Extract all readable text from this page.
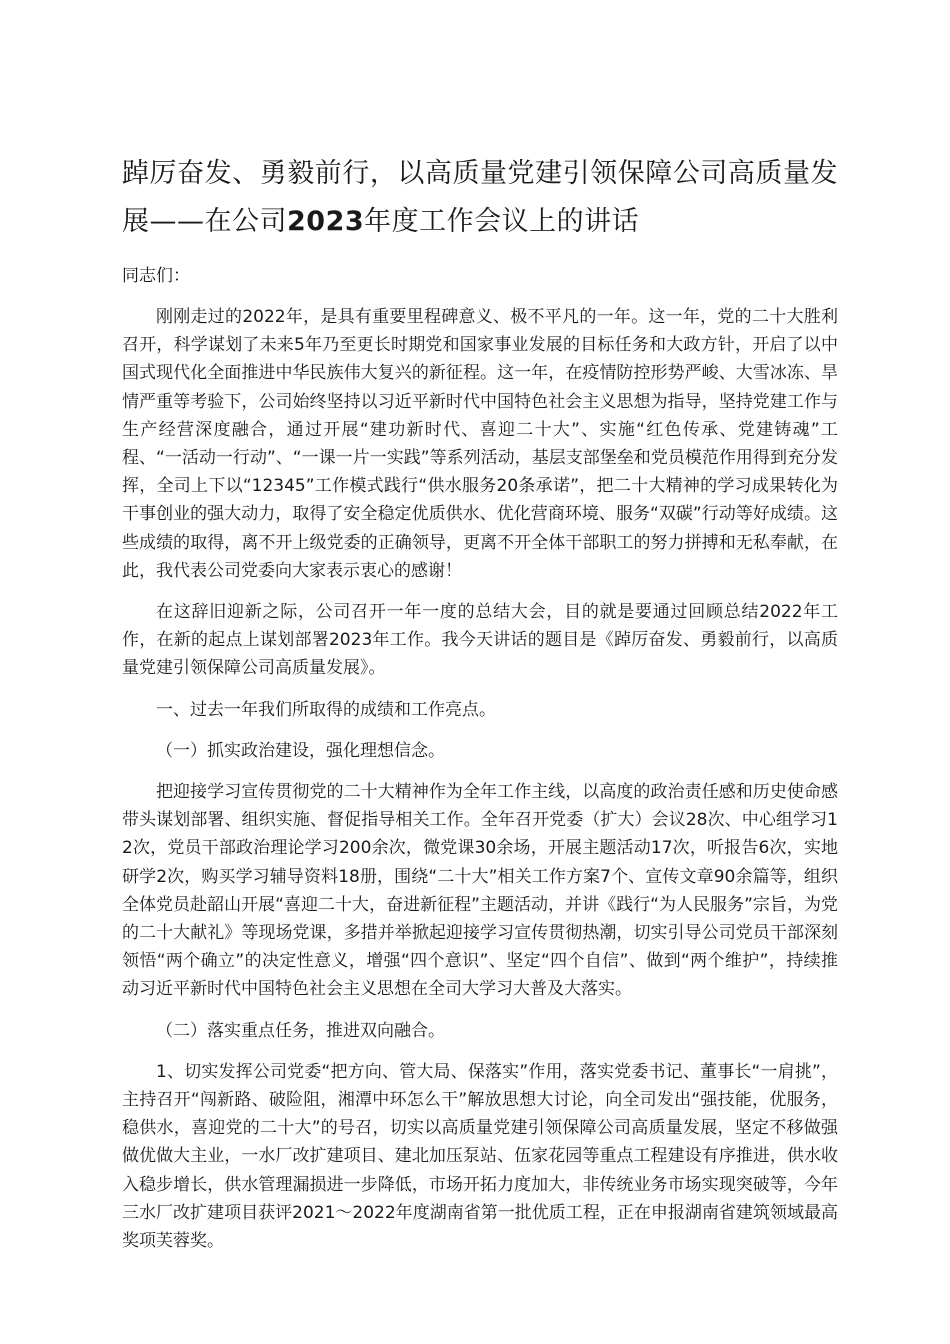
踔厉奋发、勇毅前行，以高质量党建引领保障公司高质量发展——在公司2023年度工作会议上的讲话

同志们：

刚刚走过的2022年，是具有重要里程碑意义、极不平凡的一年。这一年，党的二十大胜利召开，科学谋划了未来5年乃至更长时期党和国家事业发展的目标任务和大政方针，开启了以中国式现代化全面推进中华民族伟大复兴的新征程。这一年，在疫情防控形势严峻、大雪冰冻、旱情严重等考验下，公司始终坚持以习近平新时代中国特色社会主义思想为指导，坚持党建工作与生产经营深度融合，通过开展“建功新时代、喜迎二十大”、实施“红色传承、党建铸魂”工程、“一活动一行动”、“一课一片一实践”等系列活动，基层支部堡垒和党员模范作用得到充分发挥，全司上下以“12345”工作模式践行“供水服务20条承诺”，把二十大精神的学习成果转化为干事创业的强大动力，取得了安全稳定优质供水、优化营商环境、服务“双碳”行动等好成绩。这些成绩的取得，离不开上级党委的正确领导，更离不开全体干部职工的努力拼搏和无私奉献，在此，我代表公司党委向大家表示衷心的感谢！

在这辞旧迎新之际，公司召开一年一度的总结大会，目的就是要通过回顾总结2022年工作，在新的起点上谋划部署2023年工作。我今天讲话的题目是《踔厉奋发、勇毅前行，以高质量党建引领保障公司高质量发展》。

一、过去一年我们所取得的成绩和工作亮点。

（一）抓实政治建设，强化理想信念。

把迎接学习宣传贯彻党的二十大精神作为全年工作主线，以高度的政治责任感和历史使命感带头谋划部署、组织实施、督促指导相关工作。全年召开党委（扩大）会议28次、中心组学习12次，党员干部政治理论学习200余次，微党课30余场，开展主题活动17次，听报告6次，实地研学2次，购买学习辅导资料18册，围绕“二十大”相关工作方案7个、宣传文章90余篇等，组织全体党员赴韶山开展“喜迎二十大，奋进新征程”主题活动，并讲《践行“为人民服务”宗旨，为党的二十大献礼》等现场党课，多措并举掀起迎接学习宣传贯彻热潮，切实引导公司党员干部深刻领悟“两个确立”的决定性意义，增强“四个意识”、坚定“四个自信”、做到“两个维护”，持续推动习近平新时代中国特色社会主义思想在全司大学习大普及大落实。

（二）落实重点任务，推进双向融合。

1、切实发挥公司党委“把方向、管大局、保落实”作用，落实党委书记、董事长“一肩挑”，主持召开“闯新路、破险阻，湘潭中环怎么干”解放思想大讨论，向全司发出“强技能，优服务，稳供水，喜迎党的二十大”的号召，切实以高质量党建引领保障公司高质量发展，坚定不移做强做优做大主业，一水厂改扩建项目、建北加压泵站、伍家花园等重点工程建设有序推进，供水收入稳步增长，供水管理漏损进一步降低，市场开拓力度加大，非传统业务市场实现突破等，今年三水厂改扩建项目获评2021～2022年度湖南省第一批优质工程，正在申报湖南省建筑领域最高奖项芙蓉奖。
